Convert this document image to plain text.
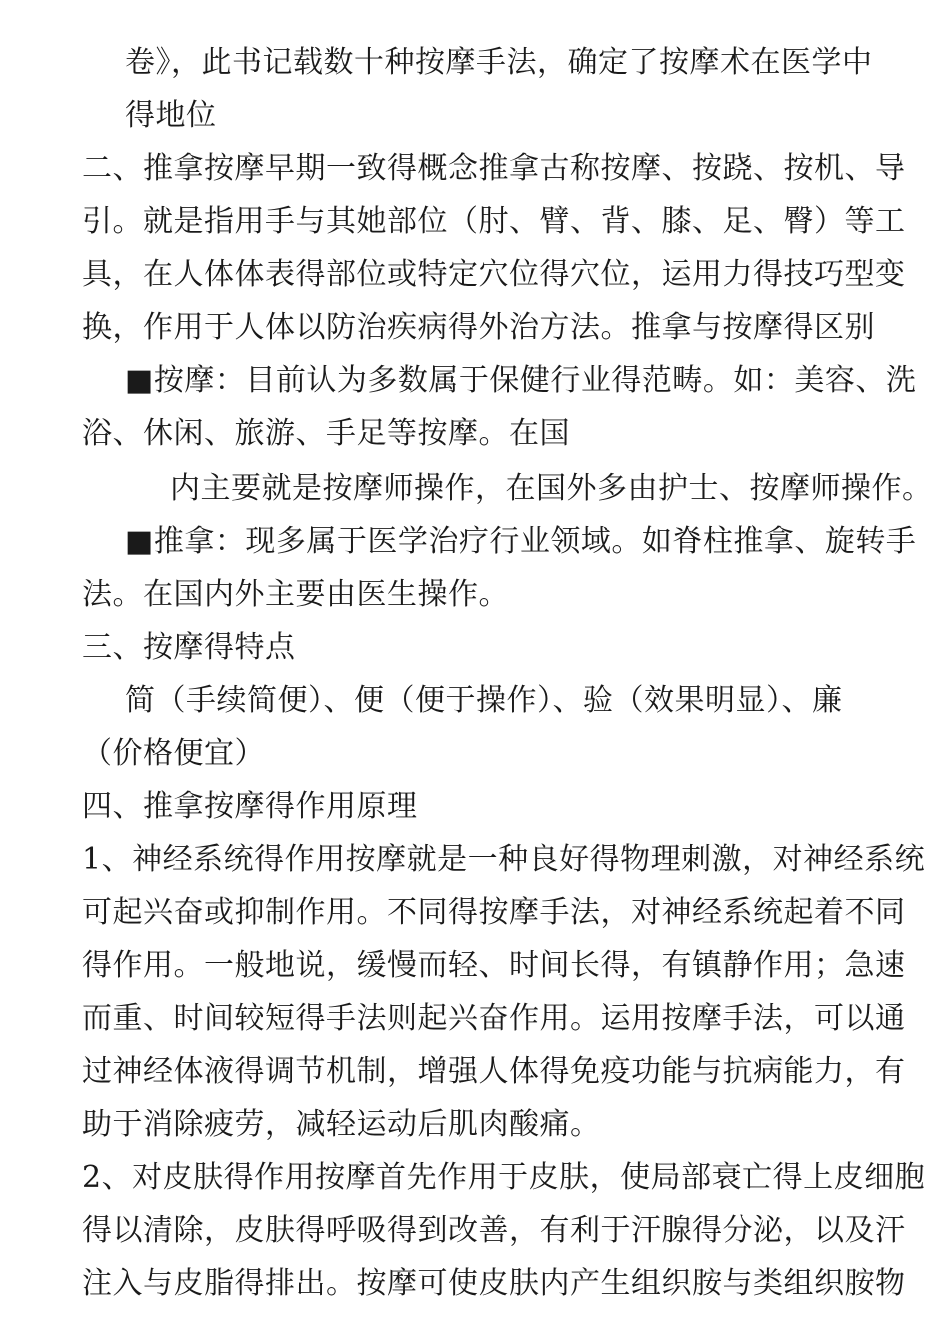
卷》，此书记载数十种按摩手法，确定了按摩术在医学中
得地位
二、推拿按摩早期一致得概念推拿古称按摩、按跷、按机、导
引。就是指用手与其她部位（肘、臂、背、膝、足、臀）等工
具，在人体体表得部位或特定穴位得穴位，运用力得技巧型变
换，作用于人体以防治疾病得外治方法。推拿与按摩得区别
■按摩：目前认为多数属于保健行业得范畴。如：美容、洗
浴、休闲、旅游、手足等按摩。在国
内主要就是按摩师操作，在国外多由护士、按摩师操作。
■推拿：现多属于医学治疗行业领域。如脊柱推拿、旋转手
法。在国内外主要由医生操作。
三、按摩得特点
简（手续简便）、便（便于操作）、验（效果明显）、廉
（价格便宜）
四、推拿按摩得作用原理
1、神经系统得作用按摩就是一种良好得物理刺激，对神经系统
可起兴奋或抑制作用。不同得按摩手法，对神经系统起着不同
得作用。一般地说，缓慢而轻、时间长得，有镇静作用；急速
而重、时间较短得手法则起兴奋作用。运用按摩手法，可以通
过神经体液得调节机制，增强人体得免疫功能与抗病能力，有
助于消除疲劳，减轻运动后肌肉酸痛。
2、对皮肤得作用按摩首先作用于皮肤，使局部衰亡得上皮细胞
得以清除，皮肤得呼吸得到改善，有利于汗腺得分泌，以及汗
注入与皮脂得排出。按摩可使皮肤内产生组织胺与类组织胺物
